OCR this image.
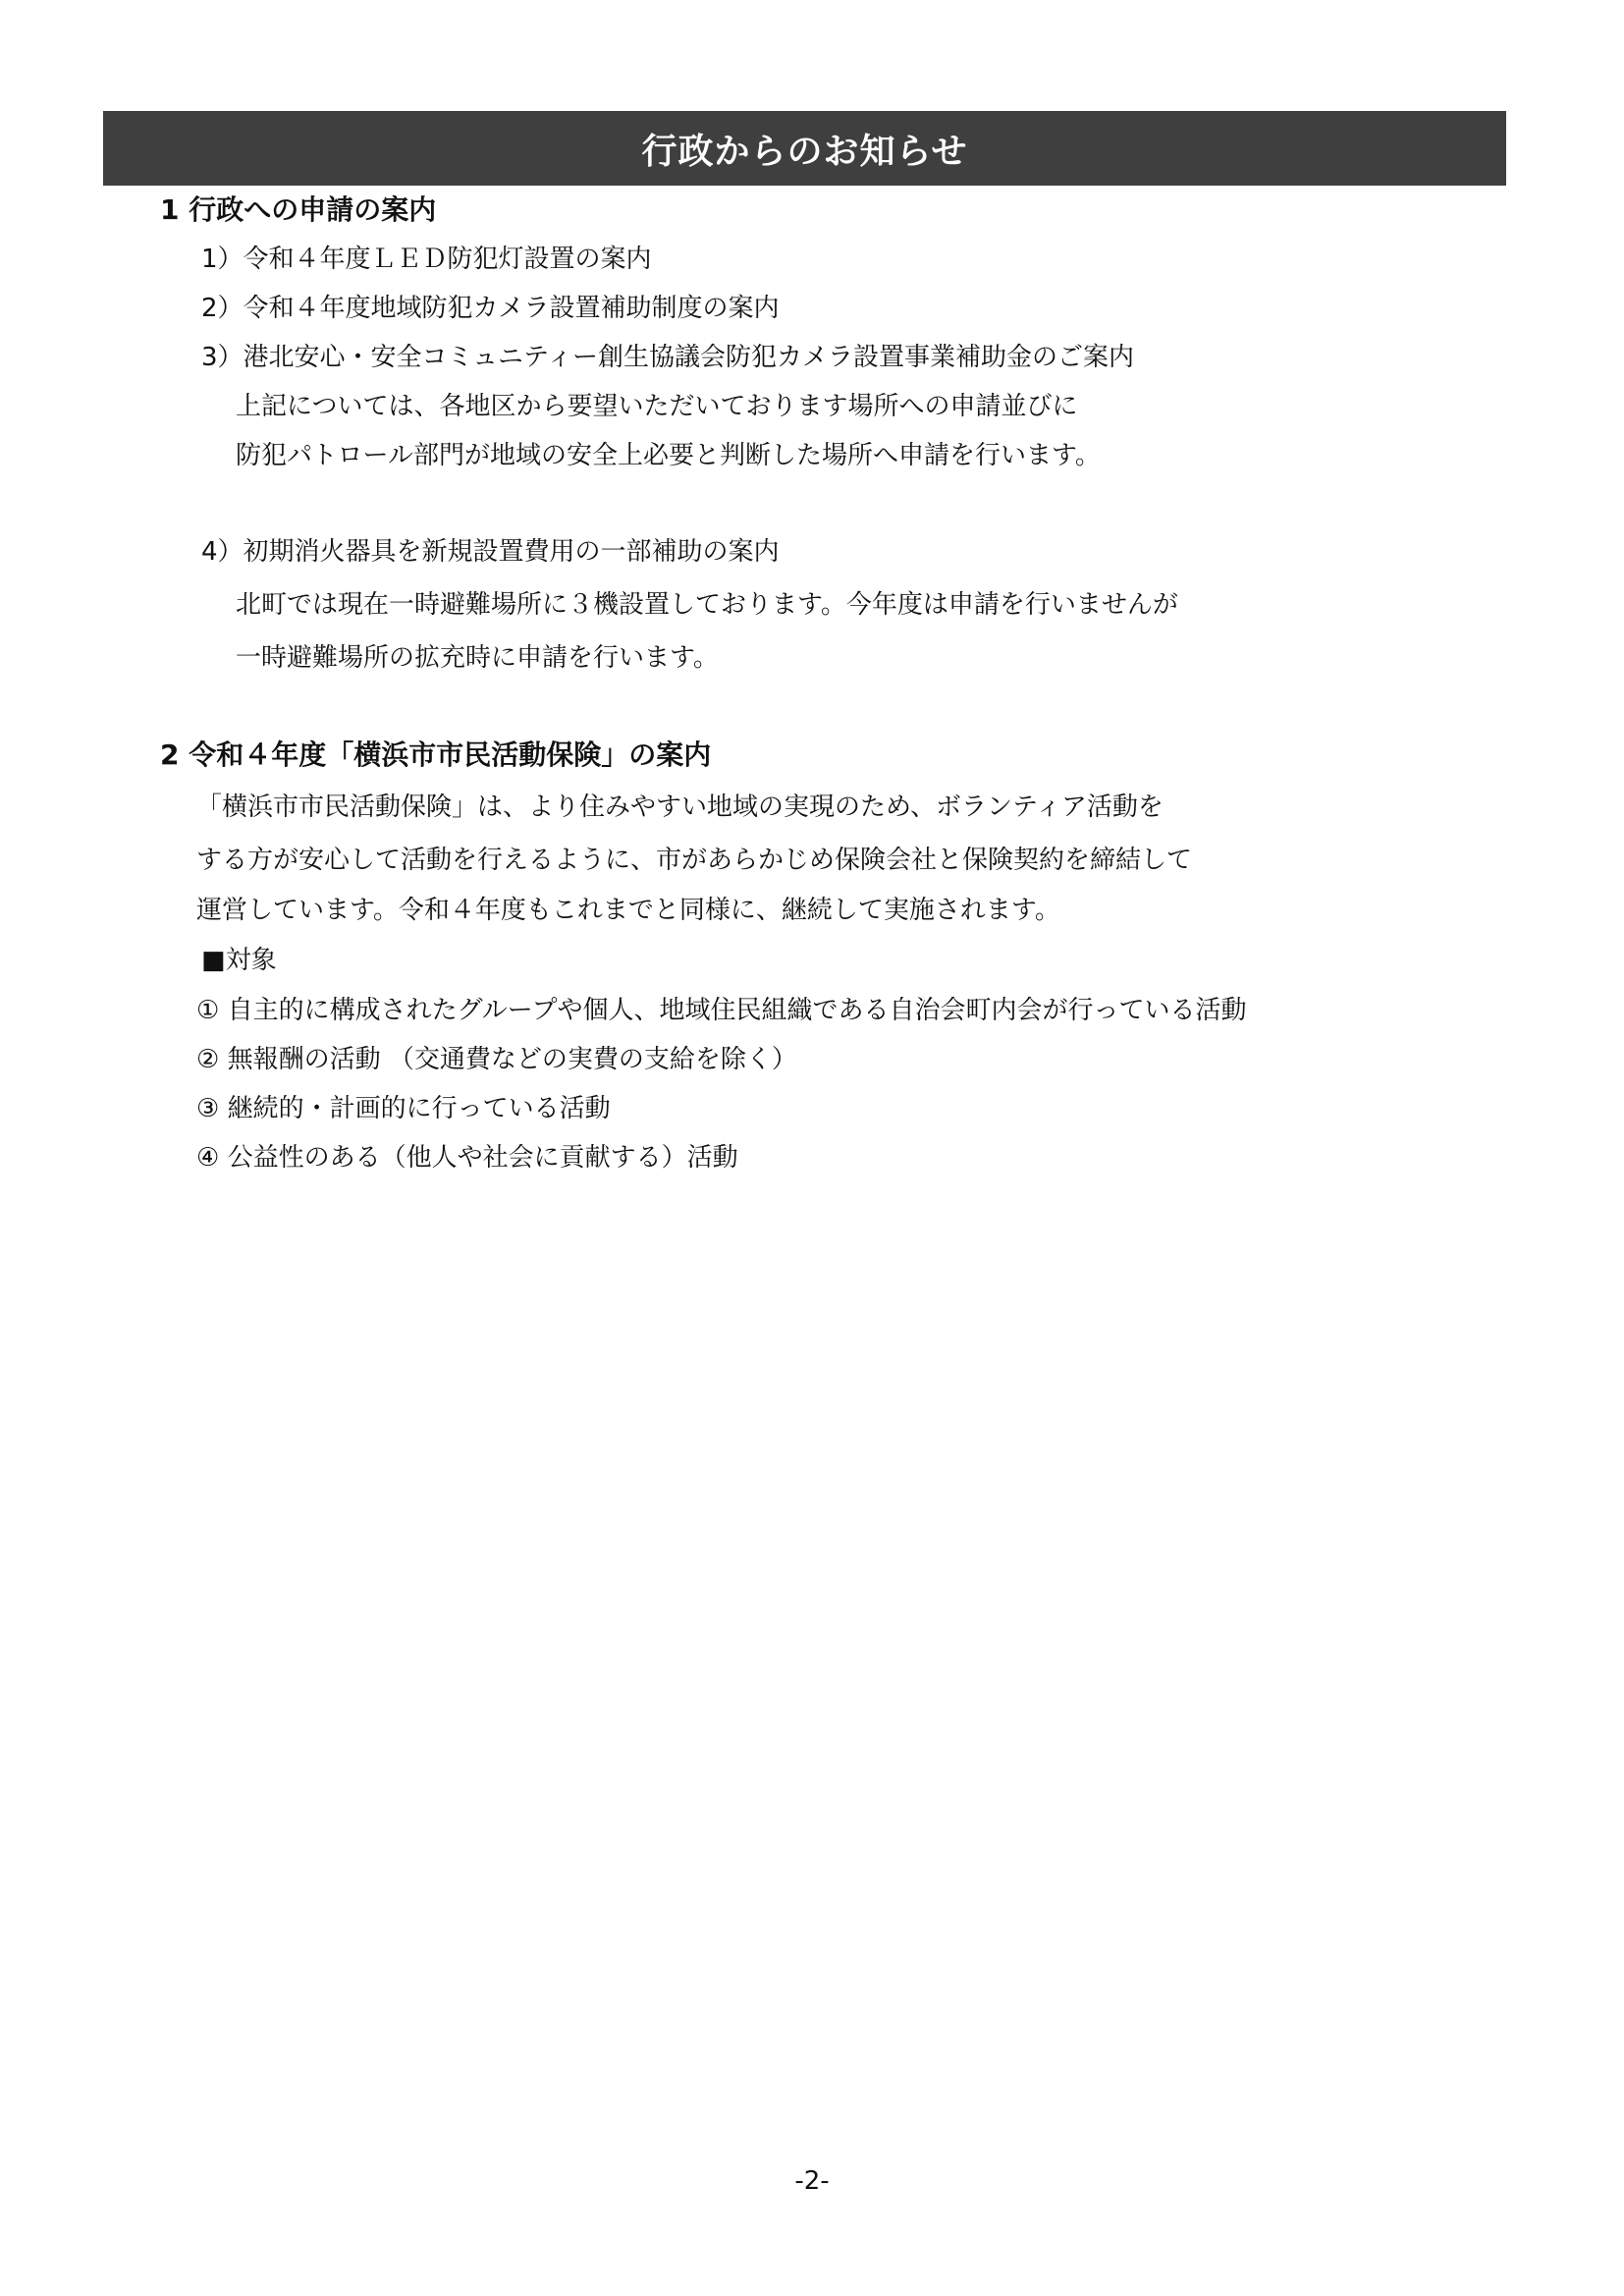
行政からのお知らせ
1 行政への申請の案内
1）令和４年度ＬＥＤ防犯灯設置の案内
2）令和４年度地域防犯カメラ設置補助制度の案内
3）港北安心・安全コミュニティー創生協議会防犯カメラ設置事業補助金のご案内
上記については、各地区から要望いただいております場所への申請並びに
防犯パトロール部門が地域の安全上必要と判断した場所へ申請を行います。
4）初期消火器具を新規設置費用の一部補助の案内
北町では現在一時避難場所に３機設置しております。今年度は申請を行いませんが
一時避難場所の拡充時に申請を行います。
2 令和４年度「横浜市市民活動保険」の案内
「横浜市市民活動保険」は、より住みやすい地域の実現のため、ボランティア活動を
する方が安心して活動を行えるように、市があらかじめ保険会社と保険契約を締結して
運営しています。令和４年度もこれまでと同様に、継続して実施されます。
■対象
① 自主的に構成されたグループや個人、地域住民組織である自治会町内会が行っている活動
② 無報酬の活動 （交通費などの実費の支給を除く）
③ 継続的・計画的に行っている活動
④ 公益性のある（他人や社会に貢献する）活動
-2-
